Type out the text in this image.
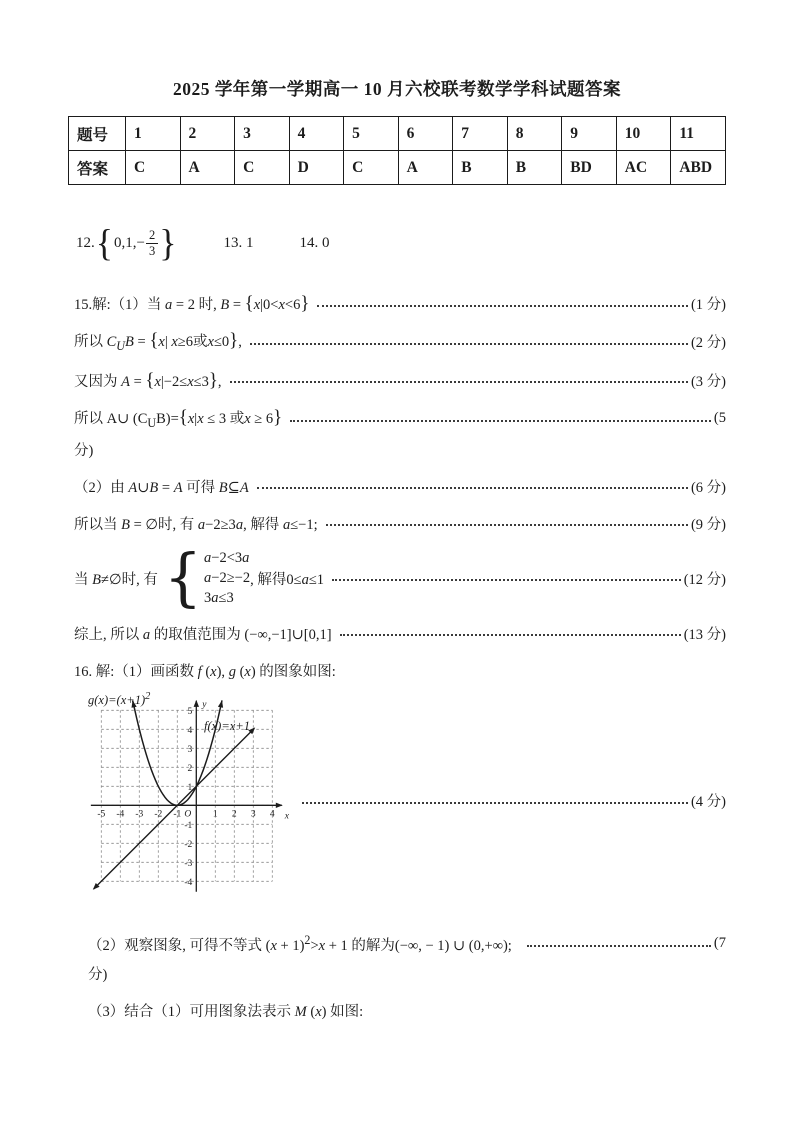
2025 学年第一学期高一 10 月六校联考数学学科试题答案
题号	1	2	3	4	5	6	7	8	9	10	11
答案	C	A	C	D	C	A	B	B	BD	AC	ABD
12. { $0,1,- \frac{2}{3}$ }	13. 1	14. 0
15.解:（1）当 a = 2 时, B = {x|0<x<6}	(1 分)
所以 $C_UB = \{x|$ x≥6或x≤0},	(2 分)
又因为 A = {x|−2≤x≤3},	(3 分)
所以 A∪ $(C_UB)=\{x|x \le 3$ 或x ≥ 6}	(5
分)
（2）由 A∪B = A 可得 B⊆A	(6 分)
所以当 B = ∅时, 有 a−2≥3a, 解得 a≤−1;	(9 分)
当 B≠∅时, 有 { a−2<3a
a−2≥−2
3a≤3
, 解得0≤a≤1	(12 分)
综上, 所以 a 的取值范围为 (−∞,−1]∪[0,1]	(13 分)
16. 解:（1）画函数 f (x), g (x) 的图象如图:
-5 -4 -3 -2 -1	1 2 3 4
5
4
3
2
1
-1
-2
-3
-4
O	x
y
$g(x)=(x+1)^2$
f(x)=x+1
(4 分)
（2）观察图象, 可得不等式 $(x + 1)^2>x + 1$ 的解为(−∞, − 1) ∪ (0,+∞);	(7
分)
（3）结合（1）可用图象法表示 M (x) 如图:
